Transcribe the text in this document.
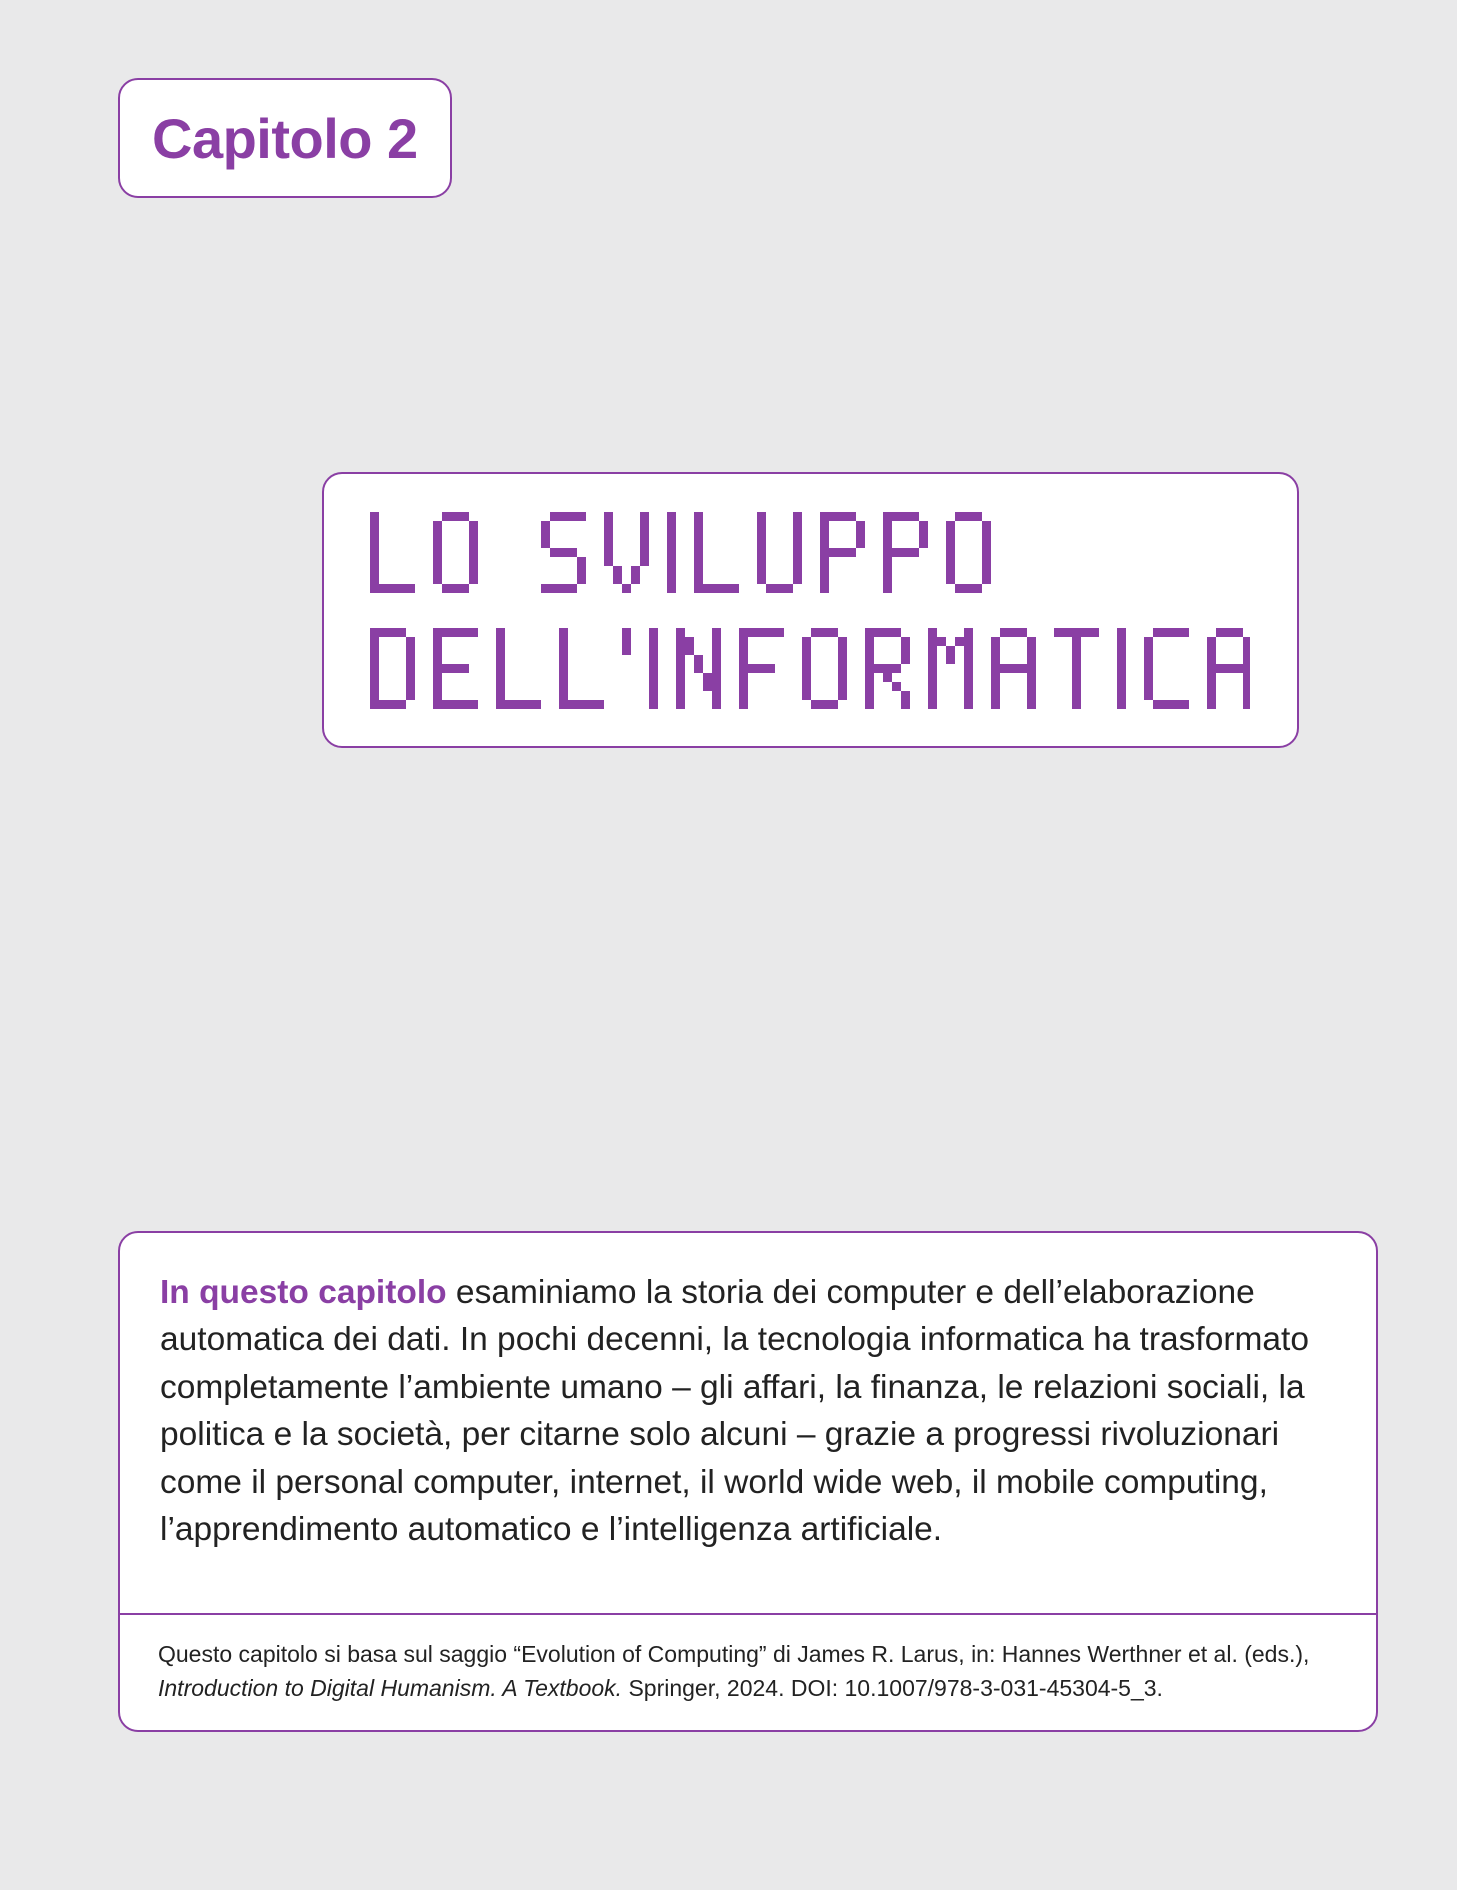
Capitolo 2

In questo capitolo esaminiamo la storia dei computer e dell’elaborazione automatica dei dati. In pochi decenni, la tecnologia informatica ha trasformato completamente l’ambiente umano – gli affari, la finanza, le relazioni sociali, la politica e la società, per citarne solo alcuni – grazie a progressi rivoluzionari come il personal computer, internet, il world wide web, il mobile computing, l’apprendimento automatico e l’intelligenza artificiale.

Questo capitolo si basa sul saggio “Evolution of Computing” di James R. Larus, in: Hannes Werthner et al. (eds.), Introduction to Digital Humanism. A Textbook. Springer, 2024. DOI: 10.1007/978-3-031-45304-5_3.
